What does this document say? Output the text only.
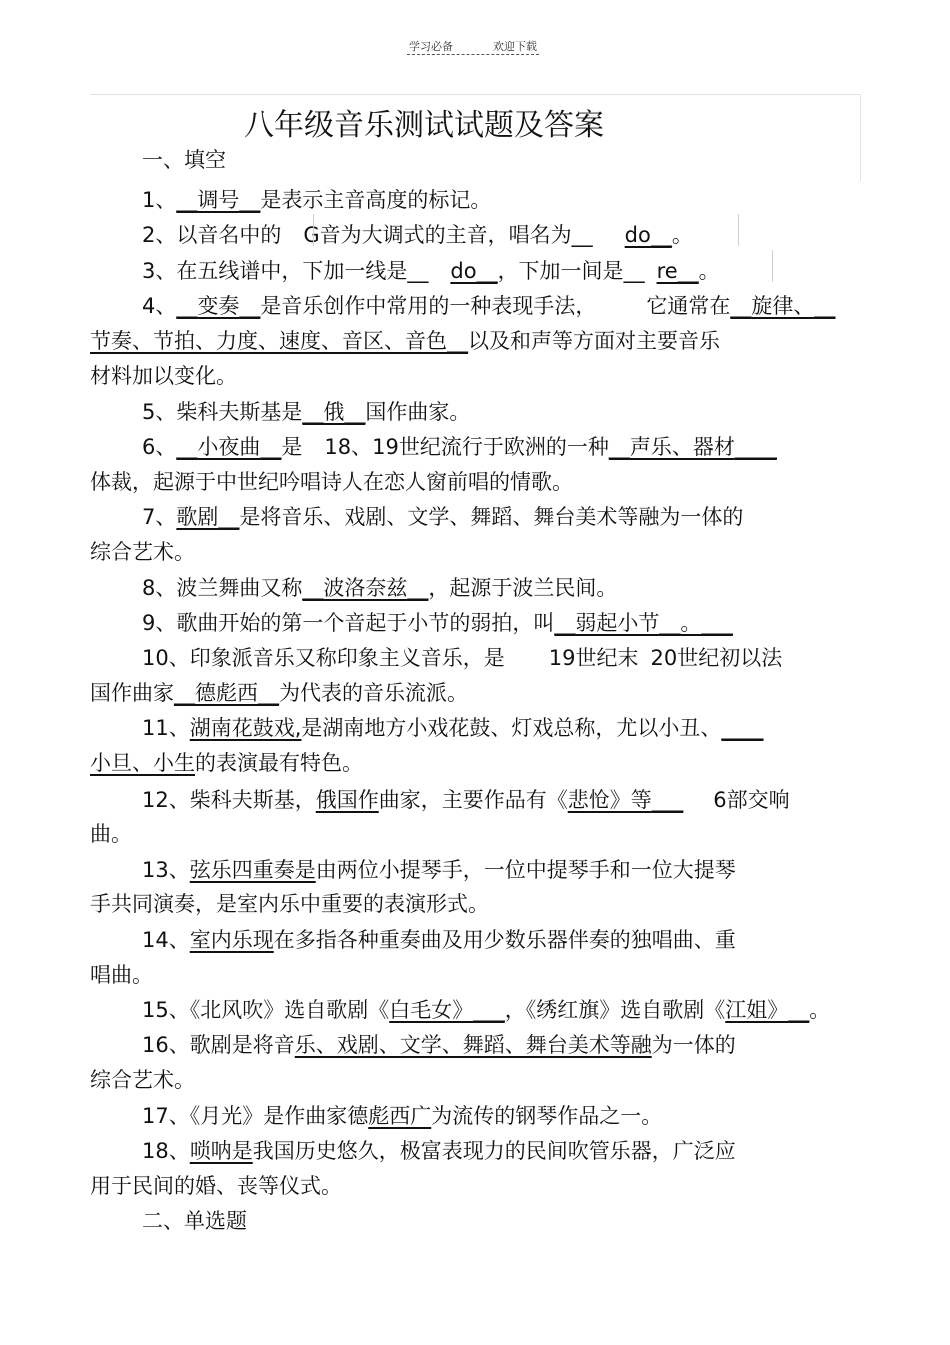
学习必备	欢迎下载
八年级音乐测试试题及答案
一、填空
1、__调号__是表示主音高度的标记。
2、以音名中的 G音为大调式的主音，唱名为__ do__。
3、在五线谱中，下加一线是__ do__，下加一间是__ re__。
4、__变奏__是音乐创作中常用的一种表现手法， 它通常在__旋律、__
节奏、节拍、力度、速度、音区、音色__以及和声等方面对主要音乐
材料加以变化。
5、柴科夫斯基是__俄__国作曲家。
6、__小夜曲__是 18、19世纪流行于欧洲的一种__声乐、器材____
体裁，起源于中世纪吟唱诗人在恋人窗前唱的情歌。
7、歌剧__是将音乐、戏剧、文学、舞蹈、舞台美术等融为一体的
综合艺术。
8、波兰舞曲又称__波洛奈兹__，起源于波兰民间。
9、歌曲开始的第一个音起于小节的弱拍，叫__弱起小节__。___
10、印象派音乐又称印象主义音乐，是 19世纪末 20世纪初以法
国作曲家__德彪西__为代表的音乐流派。
11、湖南花鼓戏,是湖南地方小戏花鼓、灯戏总称，尤以小丑、____
小旦、小生的表演最有特色。
12、柴科夫斯基，俄国作曲家，主要作品有《悲怆》等___ 6部交响
曲。
13、弦乐四重奏是由两位小提琴手，一位中提琴手和一位大提琴
手共同演奏，是室内乐中重要的表演形式。
14、室内乐现在多指各种重奏曲及用少数乐器伴奏的独唱曲、重
唱曲。
15、《北风吹》选自歌剧《白毛女》___，《绣红旗》选自歌剧《江姐》__。
16、歌剧是将音乐、戏剧、文学、舞蹈、舞台美术等融为一体的
综合艺术。
17、《月光》是作曲家德彪西广为流传的钢琴作品之一。
18、唢呐是我国历史悠久，极富表现力的民间吹管乐器，广泛应
用于民间的婚、丧等仪式。
二、单选题
